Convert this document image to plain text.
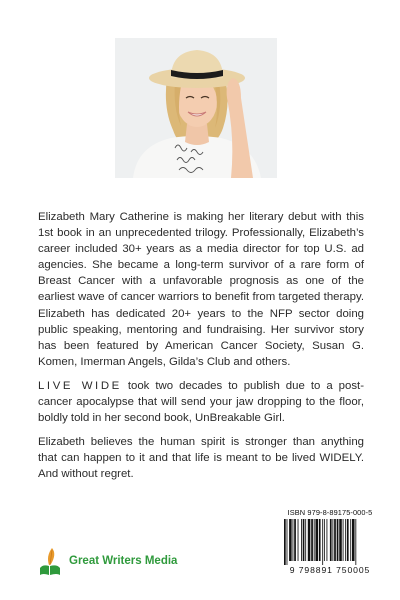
Elizabeth Mary Catherine is making her literary debut with this 1st book in an unprecedented trilogy. Professionally, Elizabeth’s career included 30+ years as a media director for top U.S. ad agencies. She became a long-term survivor of a rare form of Breast Cancer with a unfavorable prognosis as one of the earliest wave of cancer warriors to benefit from targeted therapy. Elizabeth has dedicated 20+ years to the NFP sector doing public speaking, mentoring and fundraising. Her survivor story has been featured by American Cancer Society, Susan G. Komen, Imerman Angels, Gilda’s Club and others.

LIVE WIDE took two decades to publish due to a post-cancer apocalypse that will send your jaw dropping to the floor, boldly told in her second book, UnBreakable Girl.

Elizabeth believes the human spirit is stronger than anything that can happen to it and that life is meant to be lived WIDELY. And without regret.

Great Writers Media
ISBN 979-8-89175-000-5
9 798891 750005
